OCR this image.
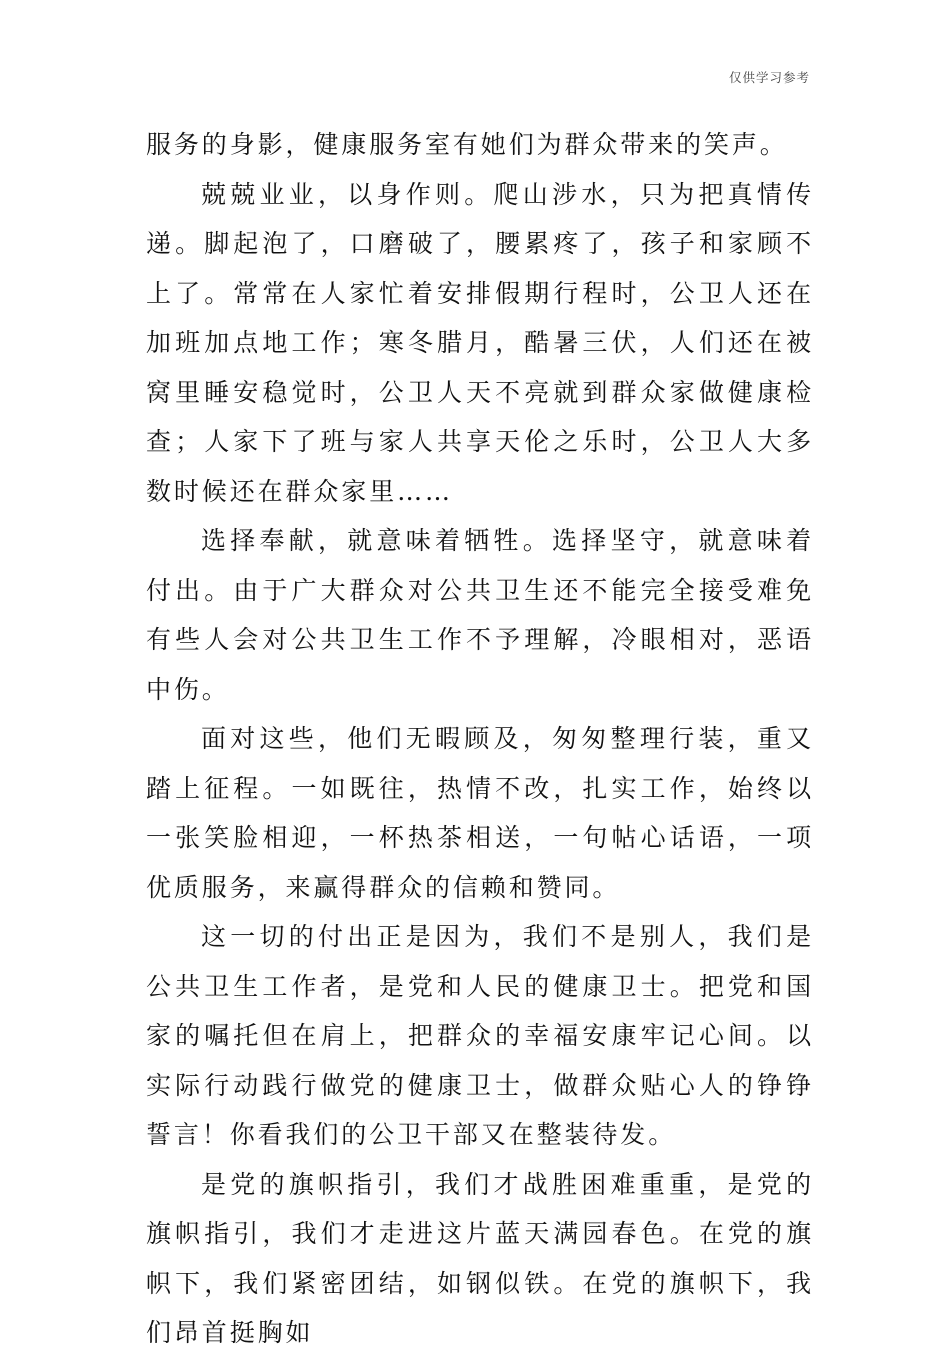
仅供学习参考

服务的身影，健康服务室有她们为群众带来的笑声。

兢兢业业，以身作则。爬山涉水，只为把真情传递。脚起泡了，口磨破了，腰累疼了，孩子和家顾不上了。常常在人家忙着安排假期行程时，公卫人还在加班加点地工作；寒冬腊月，酷暑三伏，人们还在被窝里睡安稳觉时，公卫人天不亮就到群众家做健康检查；人家下了班与家人共享天伦之乐时，公卫人大多数时候还在群众家里……

选择奉献，就意味着牺牲。选择坚守，就意味着付出。由于广大群众对公共卫生还不能完全接受难免有些人会对公共卫生工作不予理解，冷眼相对，恶语中伤。

面对这些，他们无暇顾及，匆匆整理行装，重又踏上征程。一如既往，热情不改，扎实工作，始终以一张笑脸相迎，一杯热茶相送，一句帖心话语，一项优质服务，来赢得群众的信赖和赞同。

这一切的付出正是因为，我们不是别人，我们是公共卫生工作者，是党和人民的健康卫士。把党和国家的嘱托但在肩上，把群众的幸福安康牢记心间。以实际行动践行做党的健康卫士，做群众贴心人的铮铮誓言！你看我们的公卫干部又在整装待发。

是党的旗帜指引，我们才战胜困难重重，是党的旗帜指引，我们才走进这片蓝天满园春色。在党的旗帜下，我们紧密团结，如钢似铁。在党的旗帜下，我们昂首挺胸如
